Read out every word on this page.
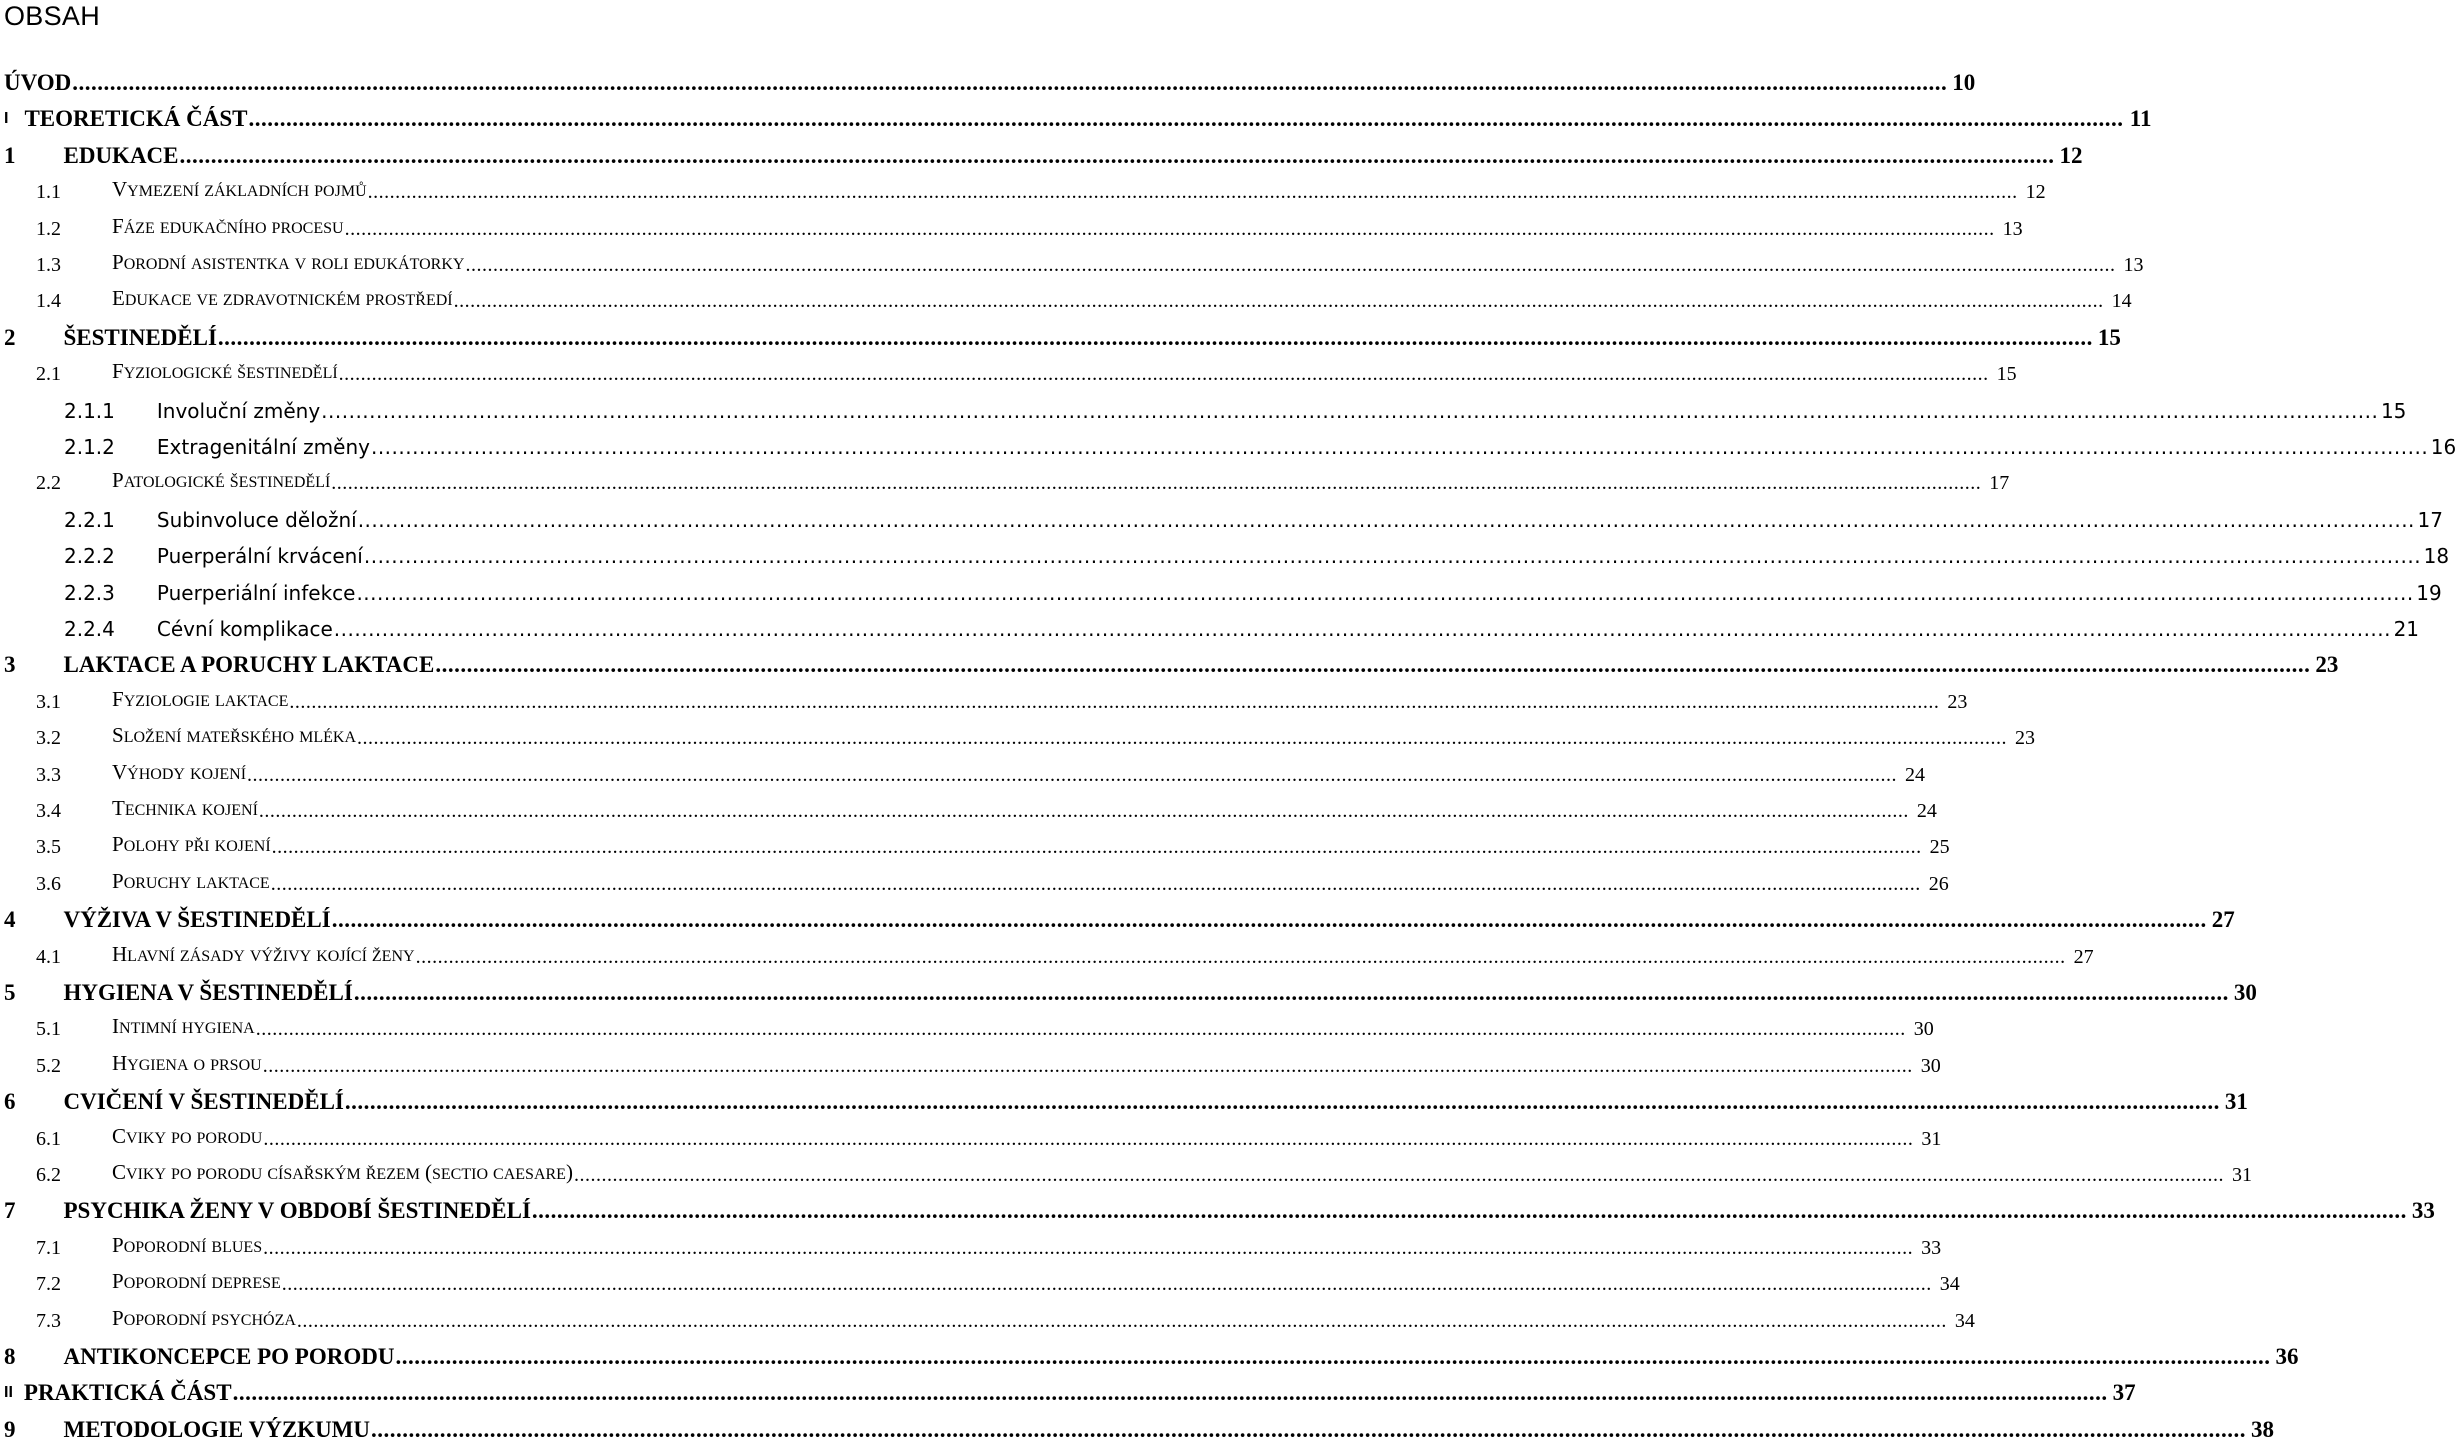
OBSAH
ÚVOD ............................................................................................................................................................................................................................................................................................................ 10
I TEORETICKÁ ČÁST ............................................................................................................................................................................................................................................................................................................ 11
1 EDUKACE ............................................................................................................................................................................................................................................................................................................ 12
1.1 VYMEZENÍ ZÁKLADNÍCH POJMŮ ............................................................................................................................................................................................................................................................................................................ 12
1.2 FÁZE EDUKAČNÍHO PROCESU ............................................................................................................................................................................................................................................................................................................ 13
1.3 PORODNÍ ASISTENTKA V ROLI EDUKÁTORKY ............................................................................................................................................................................................................................................................................................................ 13
1.4 EDUKACE VE ZDRAVOTNICKÉM PROSTŘEDÍ ............................................................................................................................................................................................................................................................................................................ 14
2 ŠESTINEDĚLÍ ............................................................................................................................................................................................................................................................................................................ 15
2.1 FYZIOLOGICKÉ ŠESTINEDĚLÍ ............................................................................................................................................................................................................................................................................................................ 15
2.1.1 Involuční změny ............................................................................................................................................................................................................................................................................................................ 15
2.1.2 Extragenitální změny ............................................................................................................................................................................................................................................................................................................ 16
2.2 PATOLOGICKÉ ŠESTINEDĚLÍ ............................................................................................................................................................................................................................................................................................................ 17
2.2.1 Subinvoluce děložní ............................................................................................................................................................................................................................................................................................................ 17
2.2.2 Puerperální krvácení ............................................................................................................................................................................................................................................................................................................ 18
2.2.3 Puerperiální infekce ............................................................................................................................................................................................................................................................................................................ 19
2.2.4 Cévní komplikace ............................................................................................................................................................................................................................................................................................................ 21
3 LAKTACE A PORUCHY LAKTACE ............................................................................................................................................................................................................................................................................................................ 23
3.1 FYZIOLOGIE LAKTACE ............................................................................................................................................................................................................................................................................................................ 23
3.2 SLOŽENÍ MATEŘSKÉHO MLÉKA ............................................................................................................................................................................................................................................................................................................ 23
3.3 VÝHODY KOJENÍ ............................................................................................................................................................................................................................................................................................................ 24
3.4 TECHNIKA KOJENÍ ............................................................................................................................................................................................................................................................................................................ 24
3.5 POLOHY PŘI KOJENÍ ............................................................................................................................................................................................................................................................................................................ 25
3.6 PORUCHY LAKTACE ............................................................................................................................................................................................................................................................................................................ 26
4 VÝŽIVA V ŠESTINEDĚLÍ ............................................................................................................................................................................................................................................................................................................ 27
4.1 HLAVNÍ ZÁSADY VÝŽIVY KOJÍCÍ ŽENY ............................................................................................................................................................................................................................................................................................................ 27
5 HYGIENA V ŠESTINEDĚLÍ ............................................................................................................................................................................................................................................................................................................ 30
5.1 INTIMNÍ HYGIENA ............................................................................................................................................................................................................................................................................................................ 30
5.2 HYGIENA O PRSOU ............................................................................................................................................................................................................................................................................................................ 30
6 CVIČENÍ V ŠESTINEDĚLÍ ............................................................................................................................................................................................................................................................................................................ 31
6.1 CVIKY PO PORODU ............................................................................................................................................................................................................................................................................................................ 31
6.2 CVIKY PO PORODU CÍSAŘSKÝM ŘEZEM (SECTIO CAESARE) ............................................................................................................................................................................................................................................................................................................ 31
7 PSYCHIKA ŽENY V OBDOBÍ ŠESTINEDĚLÍ ............................................................................................................................................................................................................................................................................................................ 33
7.1 POPORODNÍ BLUES ............................................................................................................................................................................................................................................................................................................ 33
7.2 POPORODNÍ DEPRESE ............................................................................................................................................................................................................................................................................................................ 34
7.3 POPORODNÍ PSYCHÓZA ............................................................................................................................................................................................................................................................................................................ 34
8 ANTIKONCEPCE PO PORODU ............................................................................................................................................................................................................................................................................................................ 36
II PRAKTICKÁ ČÁST ............................................................................................................................................................................................................................................................................................................ 37
9 METODOLOGIE VÝZKUMU ............................................................................................................................................................................................................................................................................................................ 38
